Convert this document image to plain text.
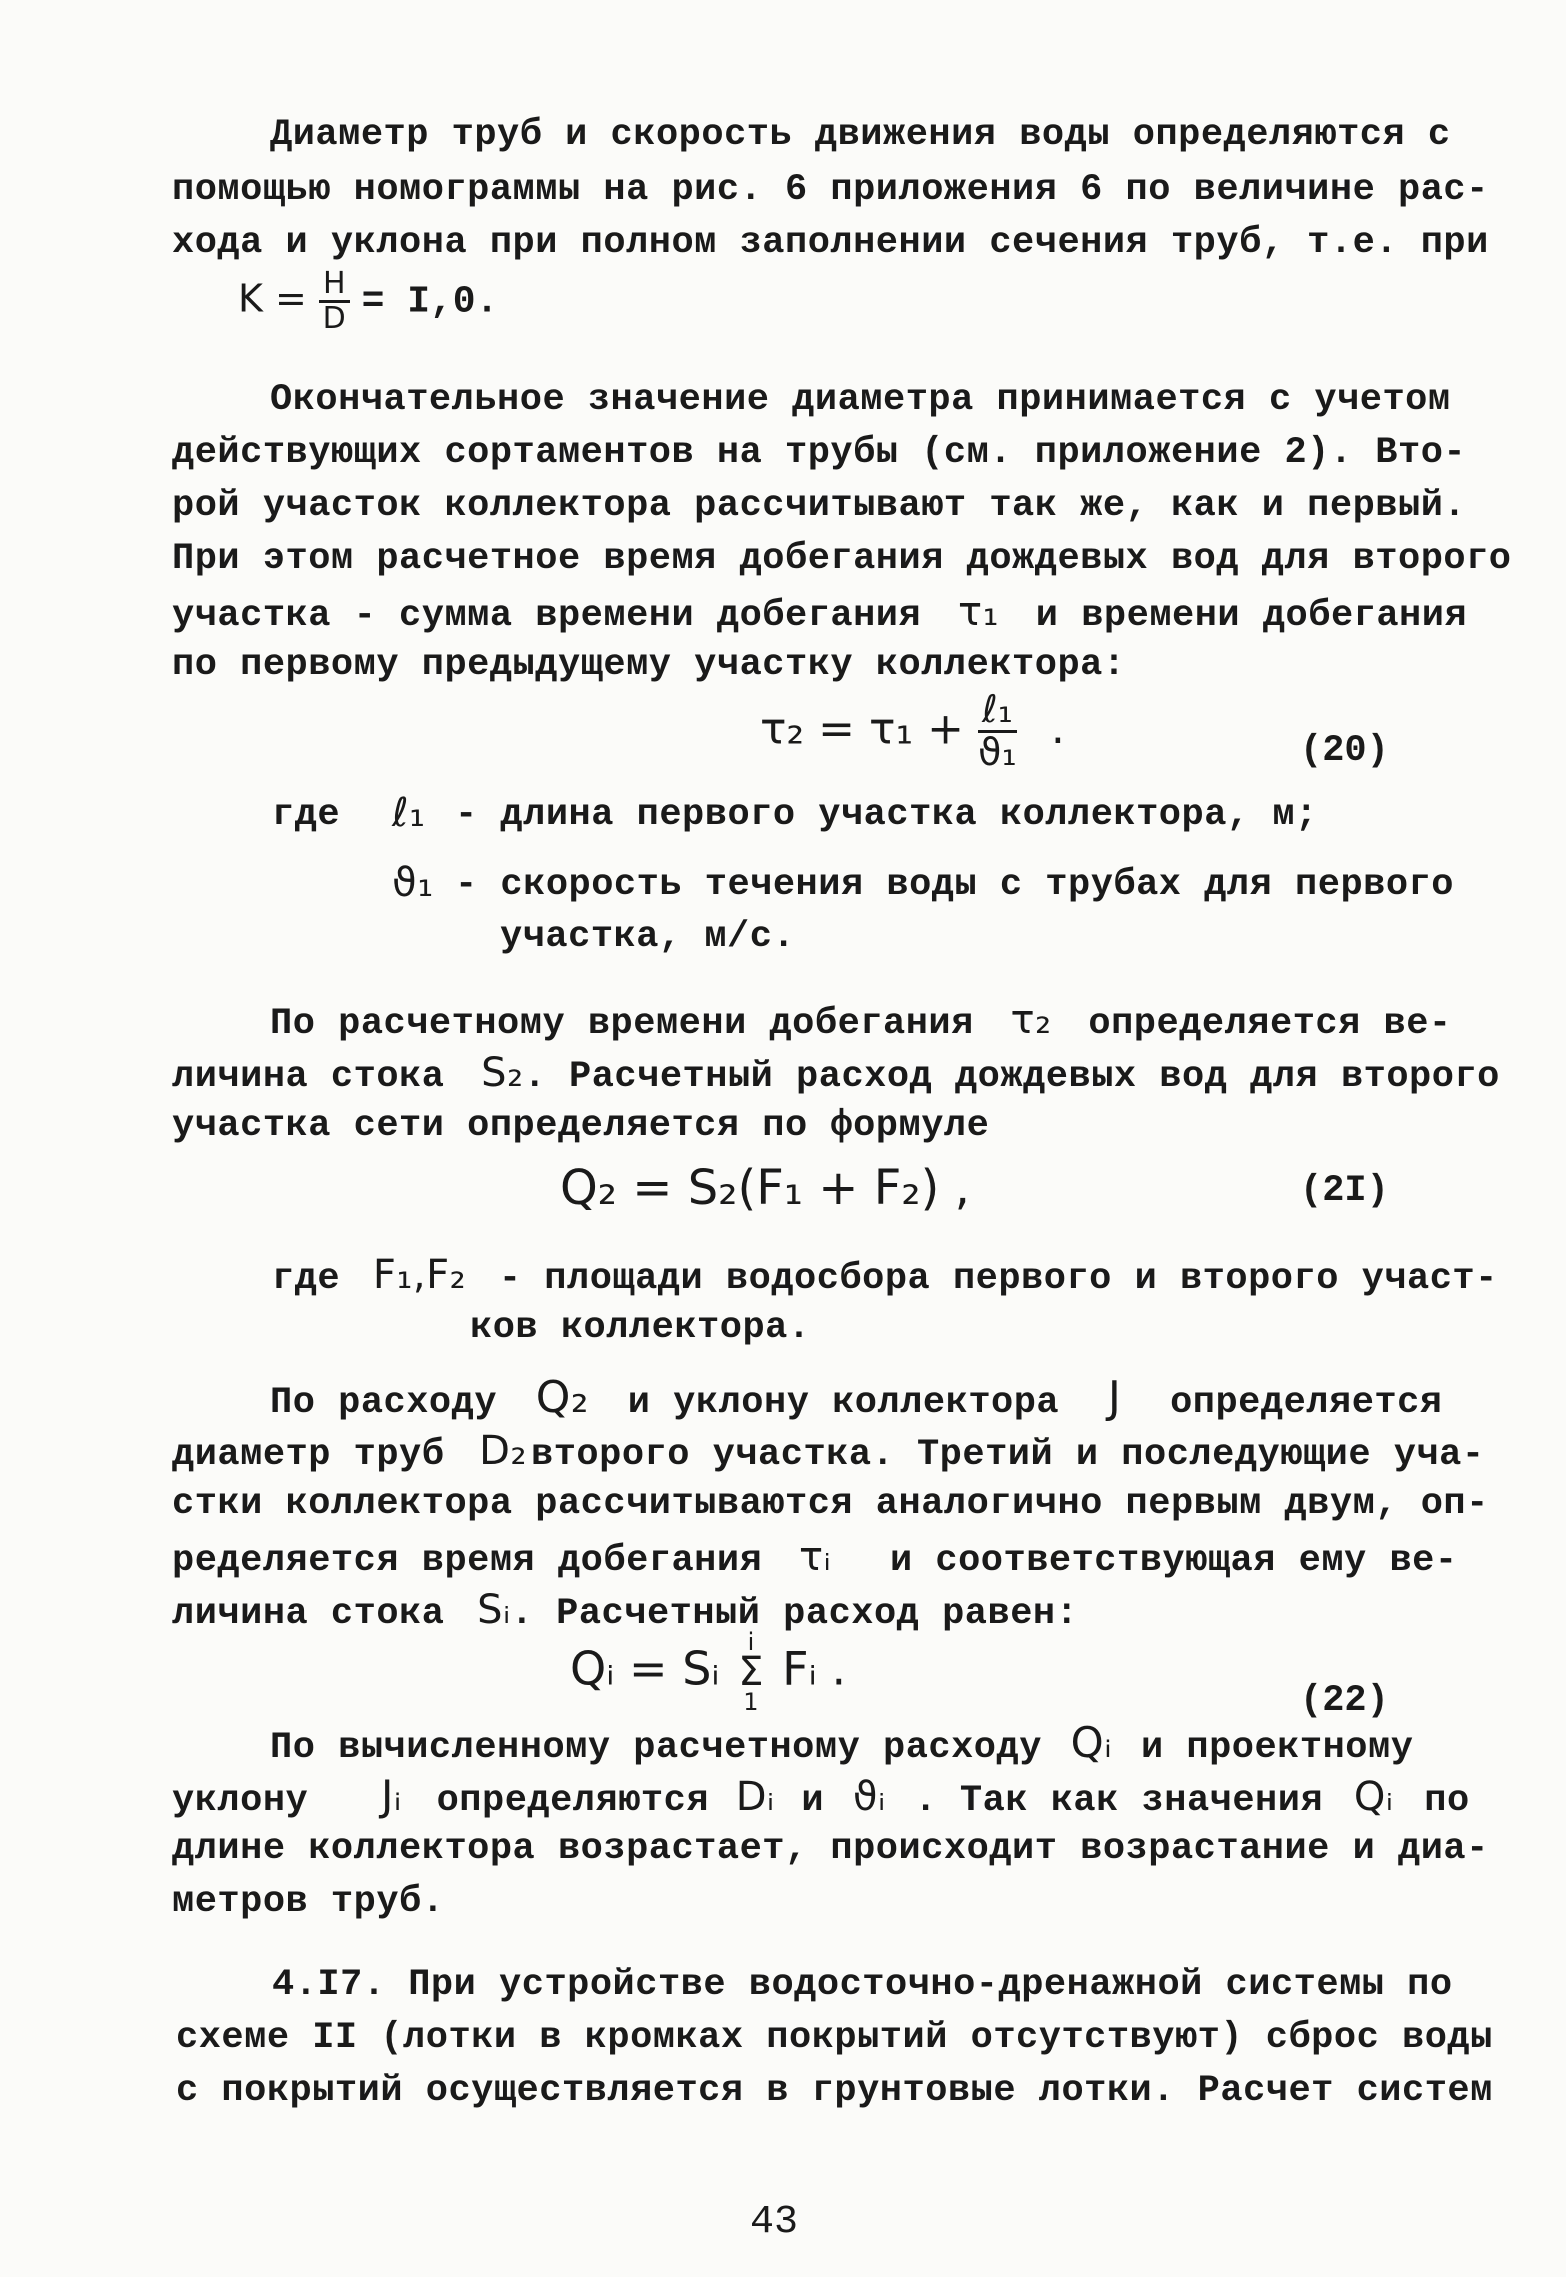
Диаметр труб и скорость движения воды определяются с
помощью номограммы на рис. 6 приложения 6 по величине рас-
хода и уклона при полном заполнении сечения труб, т.е. при
$K = \frac{H}{D} = I,0$.
Окончательное значение диаметра принимается с учетом
действующих сортаментов на трубы (см. приложение 2). Вто-
рой участок коллектора рассчитывают так же, как и первый.
При этом расчетное время добегания дождевых вод для второго
участка - сумма времени добегания τ₁ и времени добегания
по первому предыдущему участку коллектора:
$\tau_2 = \tau_1 + \frac{\text{ℓ₁}}{\text{ϑ₁}}$ .	(20)
где ℓ₁ - длина первого участка коллектора, м;
ϑ₁ - скорость течения воды с трубах для первого
участка, м/с.
По расчетному времени добегания τ₂ определяется ве-
личина стока S₂. Расчетный расход дождевых вод для второго
участка сети определяется по формуле
Q₂ = S₂(F₁ + F₂) ,	(2I)
где F₁,F₂ - площади водосбора первого и второго участ-
ков коллектора.
По расходу Q₂ и уклону коллектора J определяется
диаметр труб D₂ второго участка. Третий и последующие уча-
стки коллектора рассчитываются аналогично первым двум, оп-
ределяется время добегания τᵢ и соответствующая ему ве-
личина стока Sᵢ. Расчетный расход равен:
Qᵢ = Sᵢ	i
Σ
1
Fᵢ .
(22)
По вычисленному расчетному расходу Qᵢ и проектному
уклону Jᵢ определяются Dᵢ и ϑᵢ . Так как значения Qᵢ по
длине коллектора возрастает, происходит возрастание и диа-
метров труб.
4.I7. При устройстве водосточно-дренажной системы по
схеме II (лотки в кромках покрытий отсутствуют) сброс воды
с покрытий осуществляется в грунтовые лотки. Расчет систем
43
